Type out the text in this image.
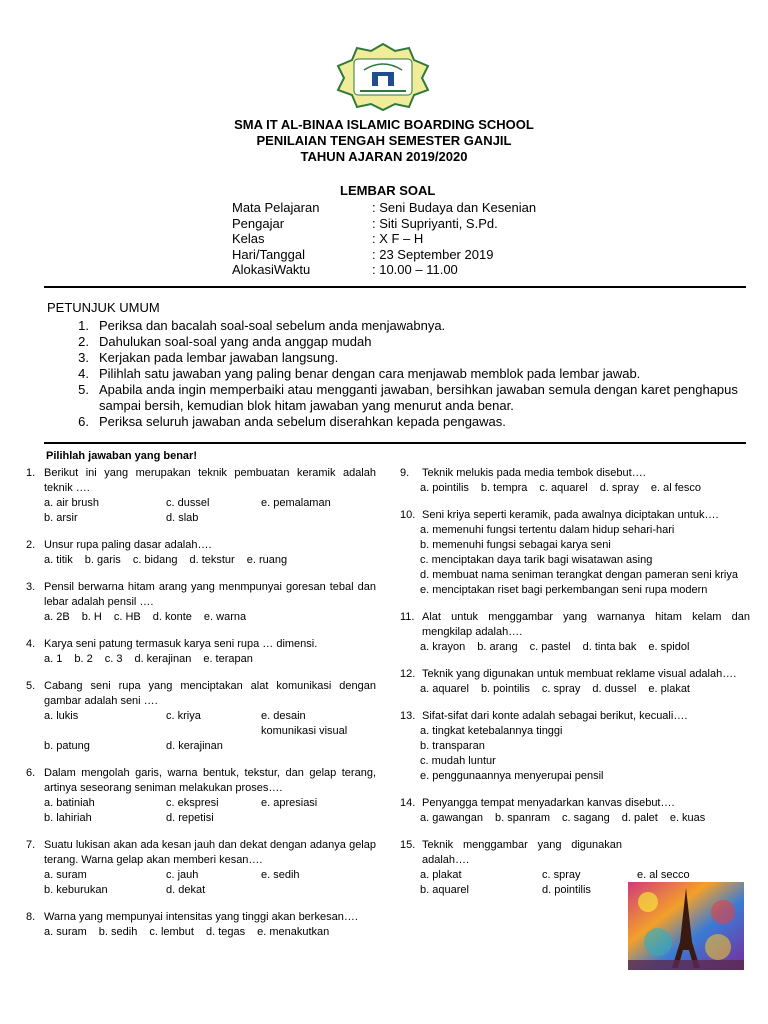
SMA IT AL-BINAA ISLAMIC BOARDING SCHOOL
PENILAIAN TENGAH SEMESTER GANJIL
TAHUN AJARAN 2019/2020
LEMBAR SOAL
Mata Pelajaran	: Seni Budaya dan Kesenian
Pengajar	: Siti Supriyanti, S.Pd.
Kelas	: X F – H
Hari/Tanggal	: 23 September 2019
AlokasiWaktu	: 10.00 – 11.00
PETUNJUK UMUM
1. Periksa dan bacalah soal-soal sebelum anda menjawabnya.
2. Dahulukan soal-soal yang anda anggap mudah
3. Kerjakan pada lembar jawaban langsung.
4. Pilihlah satu jawaban yang paling benar dengan cara menjawab memblok pada lembar jawab.
5. Apabila anda ingin memperbaiki atau mengganti jawaban, bersihkan jawaban semula dengan karet penghapus sampai bersih, kemudian blok hitam jawaban yang menurut anda benar.
6. Periksa seluruh jawaban anda sebelum diserahkan kepada pengawas.
Pilihlah jawaban yang benar!
1. Berikut ini yang merupakan teknik pembuatan keramik adalah teknik ….
a. air brush	c. dussel	e. pemalaman
b. arsir	d. slab
2. Unsur rupa paling dasar adalah….
a. titik b. garis c. bidang d. tekstur e. ruang
3. Pensil berwarna hitam arang yang menmpunyai goresan tebal dan lebar adalah pensil ….
a. 2B b. H c. HB d. konte e. warna
4. Karya seni patung termasuk karya seni rupa … dimensi.
a. 1 b. 2 c. 3 d. kerajinan e. terapan
5. Cabang seni rupa yang menciptakan alat komunikasi dengan gambar adalah seni ….
a. lukis	c. kriya	e. desain komunikasi visual
b. patung	d. kerajinan
6. Dalam mengolah garis, warna bentuk, tekstur, dan gelap terang, artinya seseorang seniman melakukan proses….
a. batiniah	c. ekspresi	e. apresiasi
b. lahiriah	d. repetisi
7. Suatu lukisan akan ada kesan jauh dan dekat dengan adanya gelap terang. Warna gelap akan memberi kesan….
a. suram	c. jauh	e. sedih
b. keburukan	d. dekat
8. Warna yang mempunyai intensitas yang tinggi akan berkesan….
a. suram b. sedih c. lembut d. tegas e. menakutkan
9.	Teknik melukis pada media tembok disebut….
a. pointilis b. tempra c. aquarel d. spray e. al fesco
10. Seni kriya seperti keramik, pada awalnya diciptakan untuk….
a. memenuhi fungsi tertentu dalam hidup sehari-hari
b. memenuhi fungsi sebagai karya seni
c. menciptakan daya tarik bagi wisatawan asing
d. membuat nama seniman terangkat dengan pameran seni kriya
e. menciptakan riset bagi perkembangan seni rupa modern
11. Alat untuk menggambar yang warnanya hitam kelam dan mengkilap adalah….
a. krayon b. arang c. pastel d. tinta bak e. spidol
12. Teknik yang digunakan untuk membuat reklame visual adalah….
a. aquarel b. pointilis c. spray d. dussel e. plakat
13. Sifat-sifat dari konte adalah sebagai berikut, kecuali….
a. tingkat ketebalannya tinggi
b. transparan
c. mudah luntur
e. penggunaannya menyerupai pensil
14. Penyangga tempat menyadarkan kanvas disebut….
a. gawangan b. spanram c. sagang d. palet e. kuas
15. Teknik menggambar yang digunakan adalah….
a. plakat	c. spray	e. al secco
b. aquarel	d. pointilis
